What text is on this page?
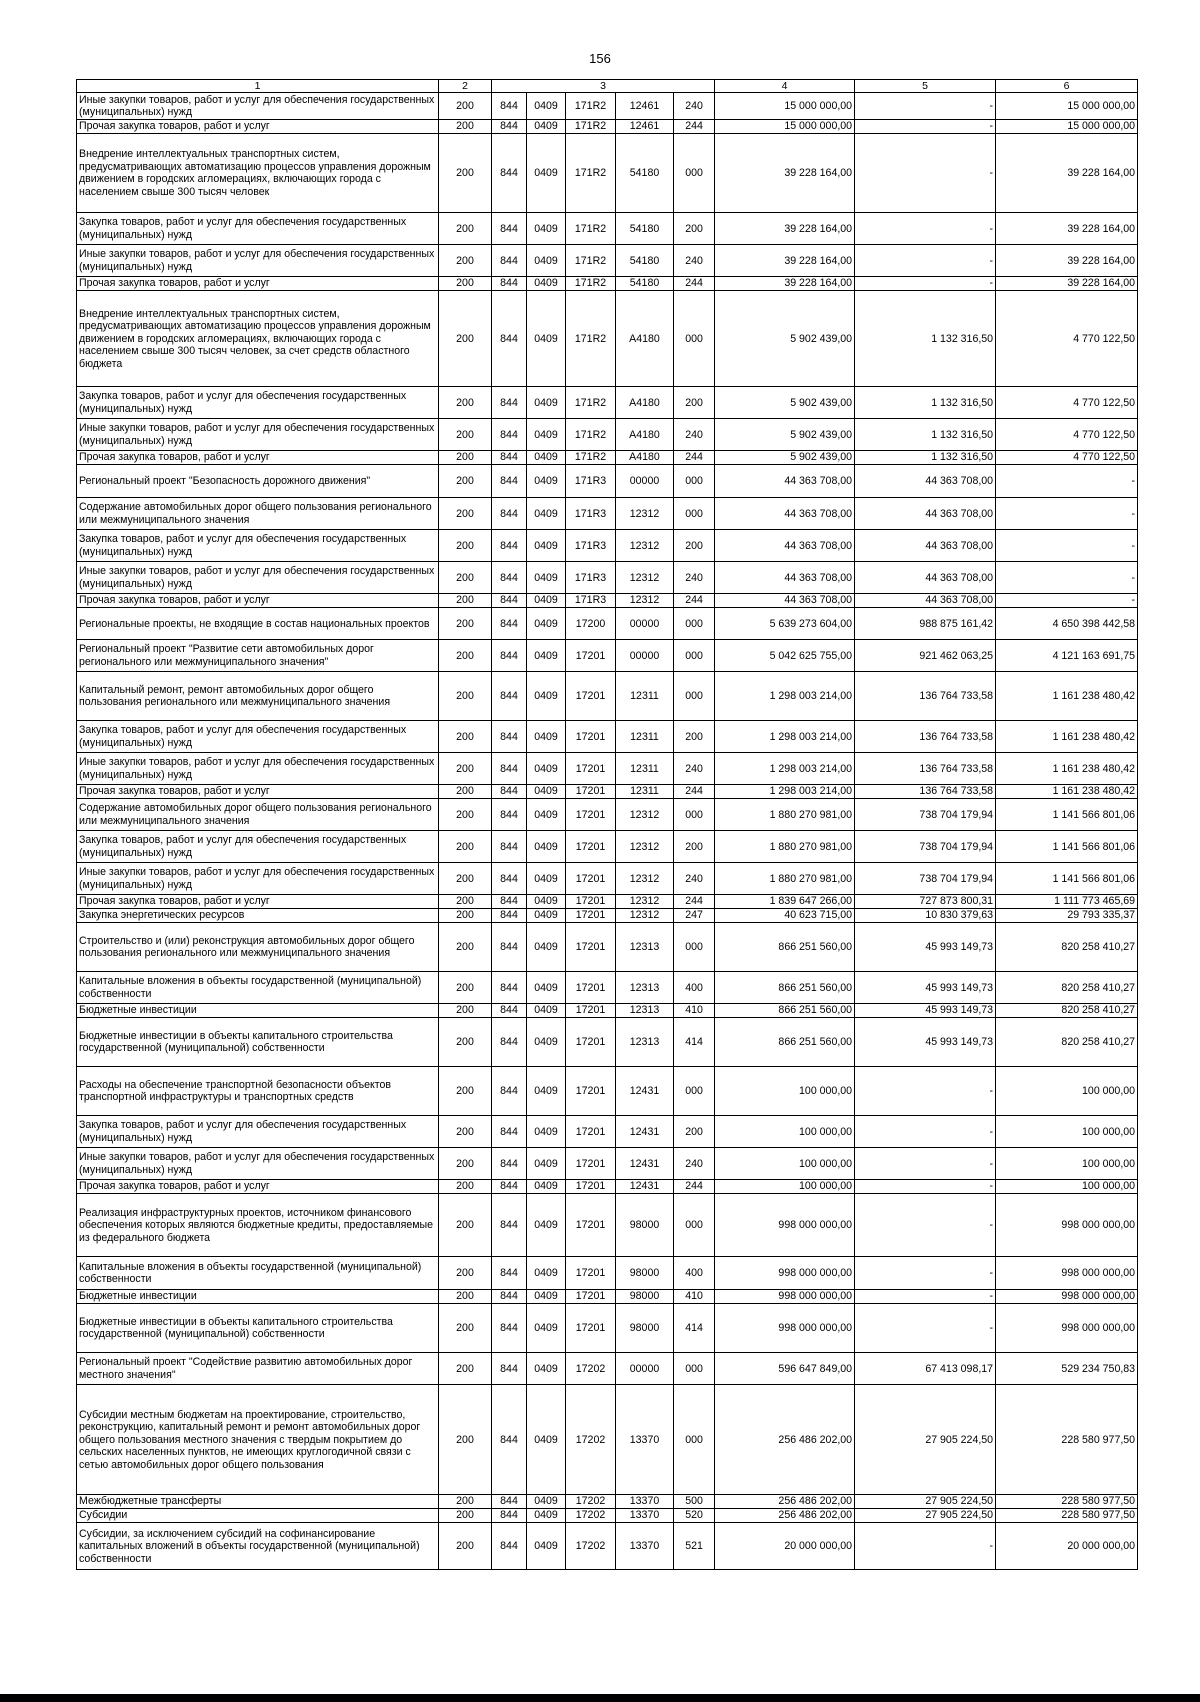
156
1	2	3					4	5	6
Иные закупки товаров, работ и услуг для обеспечения государственных (муниципальных) нужд	200	844	0409	171R2	12461	240	15 000 000,00	-	15 000 000,00
Прочая закупка товаров, работ и услуг	200	844	0409	171R2	12461	244	15 000 000,00	-	15 000 000,00
Внедрение интеллектуальных транспортных систем, предусматривающих автоматизацию процессов управления дорожным движением в городских агломерациях, включающих города с населением свыше 300 тысяч человек	200	844	0409	171R2	54180	000	39 228 164,00	-	39 228 164,00
Закупка товаров, работ и услуг для обеспечения государственных (муниципальных) нужд	200	844	0409	171R2	54180	200	39 228 164,00	-	39 228 164,00
Иные закупки товаров, работ и услуг для обеспечения государственных (муниципальных) нужд	200	844	0409	171R2	54180	240	39 228 164,00	-	39 228 164,00
Прочая закупка товаров, работ и услуг	200	844	0409	171R2	54180	244	39 228 164,00	-	39 228 164,00
Внедрение интеллектуальных транспортных систем, предусматривающих автоматизацию процессов управления дорожным движением в городских агломерациях, включающих города с населением свыше 300 тысяч человек, за счет средств областного бюджета	200	844	0409	171R2	A4180	000	5 902 439,00	1 132 316,50	4 770 122,50
Закупка товаров, работ и услуг для обеспечения государственных (муниципальных) нужд	200	844	0409	171R2	A4180	200	5 902 439,00	1 132 316,50	4 770 122,50
Иные закупки товаров, работ и услуг для обеспечения государственных (муниципальных) нужд	200	844	0409	171R2	A4180	240	5 902 439,00	1 132 316,50	4 770 122,50
Прочая закупка товаров, работ и услуг	200	844	0409	171R2	A4180	244	5 902 439,00	1 132 316,50	4 770 122,50
Региональный проект "Безопасность дорожного движения"	200	844	0409	171R3	00000	000	44 363 708,00	44 363 708,00	-
Содержание автомобильных дорог общего пользования регионального или межмуниципального значения	200	844	0409	171R3	12312	000	44 363 708,00	44 363 708,00	-
Закупка товаров, работ и услуг для обеспечения государственных (муниципальных) нужд	200	844	0409	171R3	12312	200	44 363 708,00	44 363 708,00	-
Иные закупки товаров, работ и услуг для обеспечения государственных (муниципальных) нужд	200	844	0409	171R3	12312	240	44 363 708,00	44 363 708,00	-
Прочая закупка товаров, работ и услуг	200	844	0409	171R3	12312	244	44 363 708,00	44 363 708,00	-
Региональные проекты, не входящие в состав национальных проектов	200	844	0409	17200	00000	000	5 639 273 604,00	988 875 161,42	4 650 398 442,58
Региональный проект "Развитие сети автомобильных дорог регионального или межмуниципального значения"	200	844	0409	17201	00000	000	5 042 625 755,00	921 462 063,25	4 121 163 691,75
Капитальный ремонт, ремонт автомобильных дорог общего пользования регионального или межмуниципального значения	200	844	0409	17201	12311	000	1 298 003 214,00	136 764 733,58	1 161 238 480,42
Закупка товаров, работ и услуг для обеспечения государственных (муниципальных) нужд	200	844	0409	17201	12311	200	1 298 003 214,00	136 764 733,58	1 161 238 480,42
Иные закупки товаров, работ и услуг для обеспечения государственных (муниципальных) нужд	200	844	0409	17201	12311	240	1 298 003 214,00	136 764 733,58	1 161 238 480,42
Прочая закупка товаров, работ и услуг	200	844	0409	17201	12311	244	1 298 003 214,00	136 764 733,58	1 161 238 480,42
Содержание автомобильных дорог общего пользования регионального или межмуниципального значения	200	844	0409	17201	12312	000	1 880 270 981,00	738 704 179,94	1 141 566 801,06
Закупка товаров, работ и услуг для обеспечения государственных (муниципальных) нужд	200	844	0409	17201	12312	200	1 880 270 981,00	738 704 179,94	1 141 566 801,06
Иные закупки товаров, работ и услуг для обеспечения государственных (муниципальных) нужд	200	844	0409	17201	12312	240	1 880 270 981,00	738 704 179,94	1 141 566 801,06
Прочая закупка товаров, работ и услуг	200	844	0409	17201	12312	244	1 839 647 266,00	727 873 800,31	1 111 773 465,69
Закупка энергетических ресурсов	200	844	0409	17201	12312	247	40 623 715,00	10 830 379,63	29 793 335,37
Строительство и (или) реконструкция автомобильных дорог общего пользования регионального или межмуниципального значения	200	844	0409	17201	12313	000	866 251 560,00	45 993 149,73	820 258 410,27
Капитальные вложения в объекты государственной (муниципальной) собственности	200	844	0409	17201	12313	400	866 251 560,00	45 993 149,73	820 258 410,27
Бюджетные инвестиции	200	844	0409	17201	12313	410	866 251 560,00	45 993 149,73	820 258 410,27
Бюджетные инвестиции в объекты капитального строительства государственной (муниципальной) собственности	200	844	0409	17201	12313	414	866 251 560,00	45 993 149,73	820 258 410,27
Расходы на обеспечение транспортной безопасности объектов транспортной инфраструктуры и транспортных средств	200	844	0409	17201	12431	000	100 000,00	-	100 000,00
Закупка товаров, работ и услуг для обеспечения государственных (муниципальных) нужд	200	844	0409	17201	12431	200	100 000,00	-	100 000,00
Иные закупки товаров, работ и услуг для обеспечения государственных (муниципальных) нужд	200	844	0409	17201	12431	240	100 000,00	-	100 000,00
Прочая закупка товаров, работ и услуг	200	844	0409	17201	12431	244	100 000,00	-	100 000,00
Реализация инфраструктурных проектов, источником финансового обеспечения которых являются бюджетные кредиты, предоставляемые из федерального бюджета	200	844	0409	17201	98000	000	998 000 000,00	-	998 000 000,00
Капитальные вложения в объекты государственной (муниципальной) собственности	200	844	0409	17201	98000	400	998 000 000,00	-	998 000 000,00
Бюджетные инвестиции	200	844	0409	17201	98000	410	998 000 000,00	-	998 000 000,00
Бюджетные инвестиции в объекты капитального строительства государственной (муниципальной) собственности	200	844	0409	17201	98000	414	998 000 000,00	-	998 000 000,00
Региональный проект "Содействие развитию автомобильных дорог местного значения"	200	844	0409	17202	00000	000	596 647 849,00	67 413 098,17	529 234 750,83
Субсидии местным бюджетам на проектирование, строительство, реконструкцию, капитальный ремонт и ремонт автомобильных дорог общего пользования местного значения с твердым покрытием до сельских населенных пунктов, не имеющих круглогодичной связи с сетью автомобильных дорог общего пользования	200	844	0409	17202	13370	000	256 486 202,00	27 905 224,50	228 580 977,50
Межбюджетные трансферты	200	844	0409	17202	13370	500	256 486 202,00	27 905 224,50	228 580 977,50
Субсидии	200	844	0409	17202	13370	520	256 486 202,00	27 905 224,50	228 580 977,50
Субсидии, за исключением субсидий на софинансирование капитальных вложений в объекты государственной (муниципальной) собственности	200	844	0409	17202	13370	521	20 000 000,00	-	20 000 000,00
